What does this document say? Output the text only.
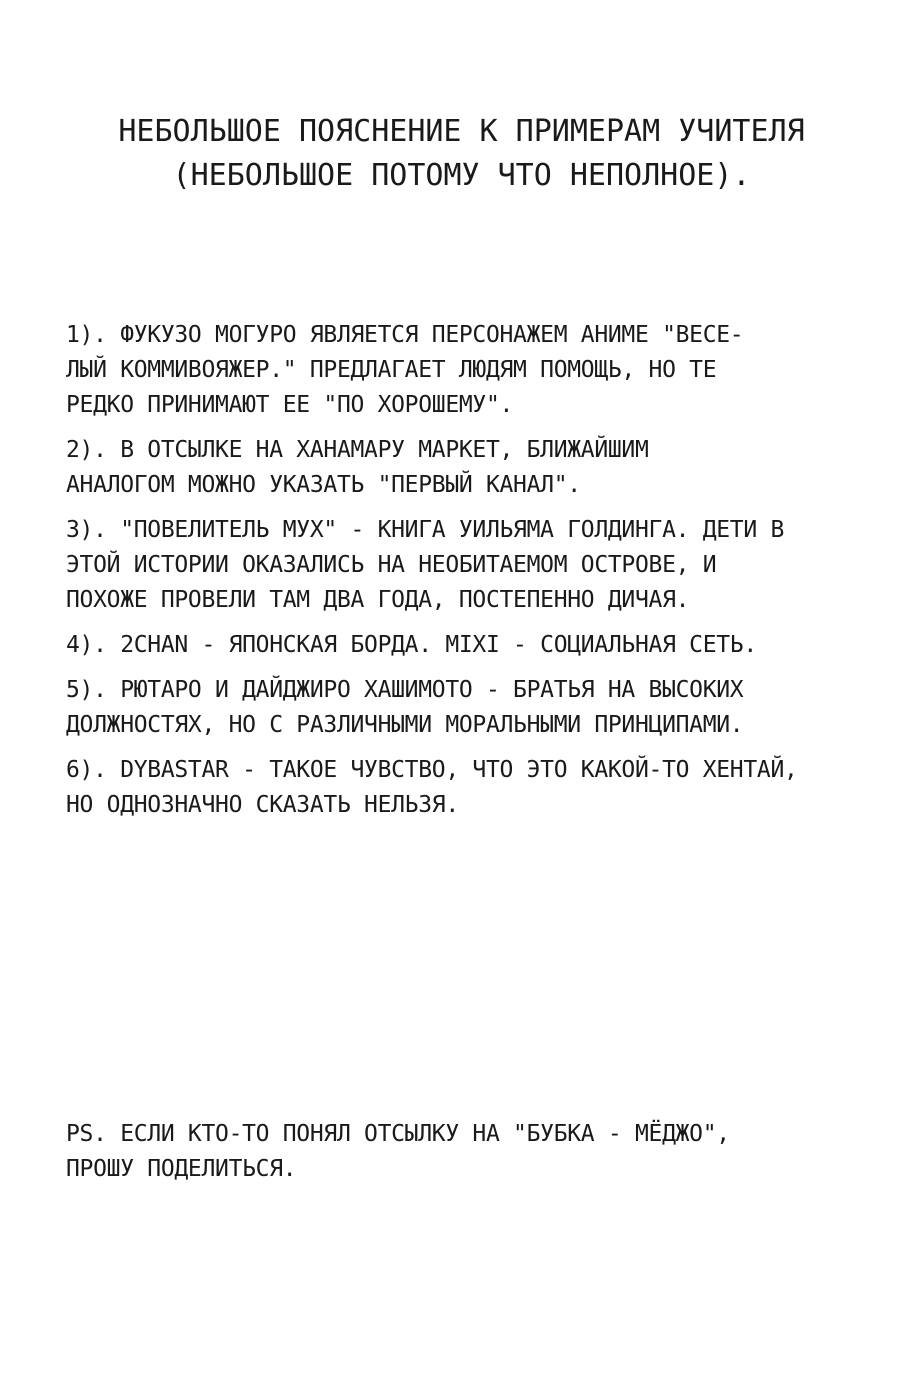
НЕБОЛЬШОЕ ПОЯСНЕНИЕ К ПРИМЕРАМ УЧИТЕЛЯ
(НЕБОЛЬШОЕ ПОТОМУ ЧТО НЕПОЛНОЕ).
1). ФУКУЗО МОГУРО ЯВЛЯЕТСЯ ПЕРСОНАЖЕМ АНИМЕ "ВЕСЕ-
ЛЫЙ КОММИВОЯЖЕР." ПРЕДЛАГАЕТ ЛЮДЯМ ПОМОЩЬ, НО ТЕ
РЕДКО ПРИНИМАЮТ ЕЕ "ПО ХОРОШЕМУ".
2). В ОТСЫЛКЕ НА ХАНАМАРУ МАРКЕТ, БЛИЖАЙШИМ
АНАЛОГОМ МОЖНО УКАЗАТЬ "ПЕРВЫЙ КАНАЛ".
3). "ПОВЕЛИТЕЛЬ МУХ" - КНИГА УИЛЬЯМА ГОЛДИНГА. ДЕТИ В
ЭТОЙ ИСТОРИИ ОКАЗАЛИСЬ НА НЕОБИТАЕМОМ ОСТРОВЕ, И
ПОХОЖЕ ПРОВЕЛИ ТАМ ДВА ГОДА, ПОСТЕПЕННО ДИЧАЯ.
4). 2CHAN - ЯПОНСКАЯ БОРДА. MIXI - СОЦИАЛЬНАЯ СЕТЬ.
5). РЮТАРО И ДАЙДЖИРО ХАШИМОТО - БРАТЬЯ НА ВЫСОКИХ
ДОЛЖНОСТЯХ, НО С РАЗЛИЧНЫМИ МОРАЛЬНЫМИ ПРИНЦИПАМИ.
6). DYBASTAR - ТАКОЕ ЧУВСТВО, ЧТО ЭТО КАКОЙ-ТО ХЕНТАЙ,
НО ОДНОЗНАЧНО СКАЗАТЬ НЕЛЬЗЯ.
PS. ЕСЛИ КТО-ТО ПОНЯЛ ОТСЫЛКУ НА "БУБКА - МЁДЖО",
ПРОШУ ПОДЕЛИТЬСЯ.
